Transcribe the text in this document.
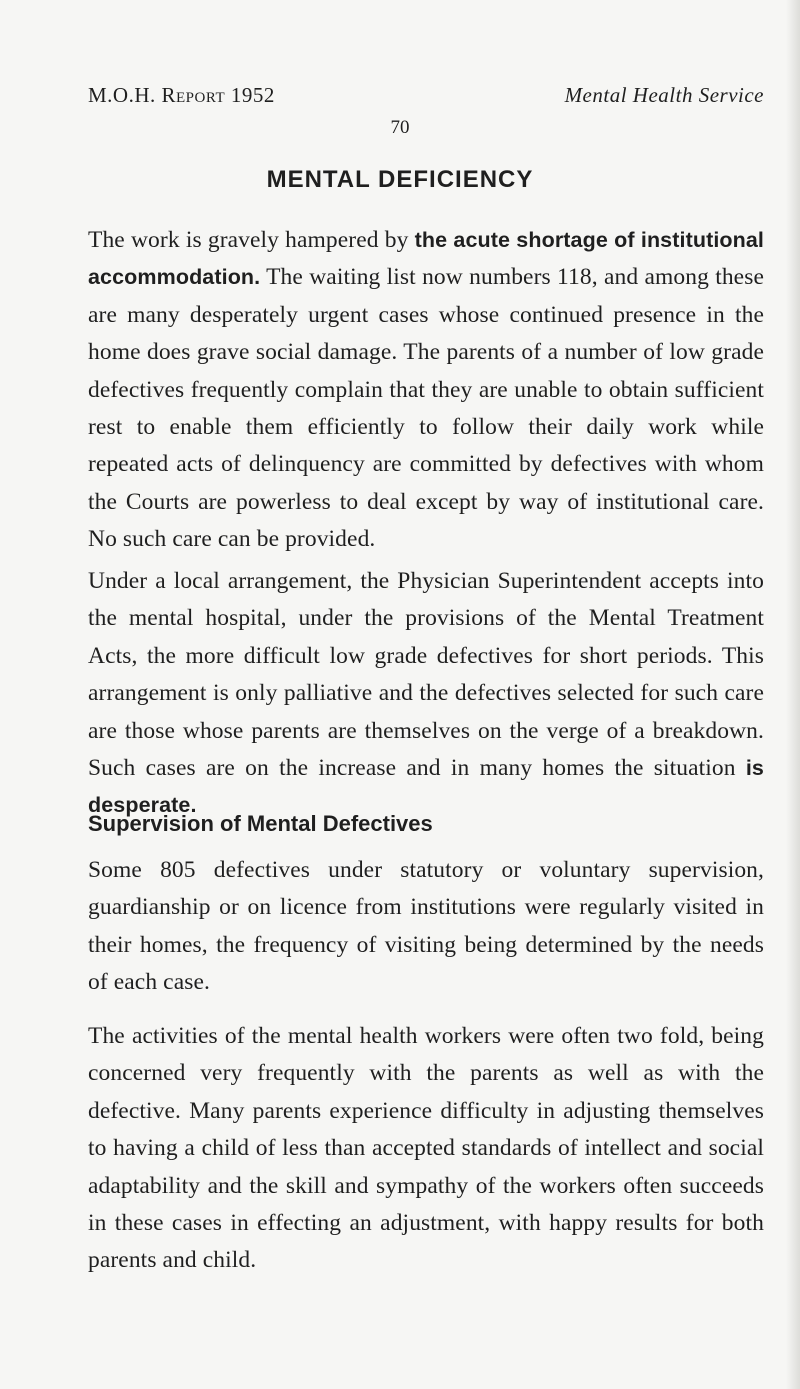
M.O.H. Report 1952	Mental Health Service
70
MENTAL DEFICIENCY

The work is gravely hampered by the acute shortage of institutional accommodation. The waiting list now numbers 118, and among these are many desperately urgent cases whose continued presence in the home does grave social damage. The parents of a number of low grade defectives frequently complain that they are unable to obtain sufficient rest to enable them efficiently to follow their daily work while repeated acts of delinquency are committed by defectives with whom the Courts are powerless to deal except by way of institutional care. No such care can be provided.

Under a local arrangement, the Physician Superintendent accepts into the mental hospital, under the provisions of the Mental Treatment Acts, the more difficult low grade defectives for short periods. This arrangement is only palliative and the defectives selected for such care are those whose parents are themselves on the verge of a breakdown. Such cases are on the increase and in many homes the situation is desperate.

Supervision of Mental Defectives

Some 805 defectives under statutory or voluntary supervision, guardianship or on licence from institutions were regularly visited in their homes, the frequency of visiting being determined by the needs of each case.

The activities of the mental health workers were often two fold, being concerned very frequently with the parents as well as with the defective. Many parents experience difficulty in adjusting themselves to having a child of less than accepted standards of intellect and social adaptability and the skill and sympathy of the workers often succeeds in these cases in effecting an adjustment, with happy results for both parents and child.
